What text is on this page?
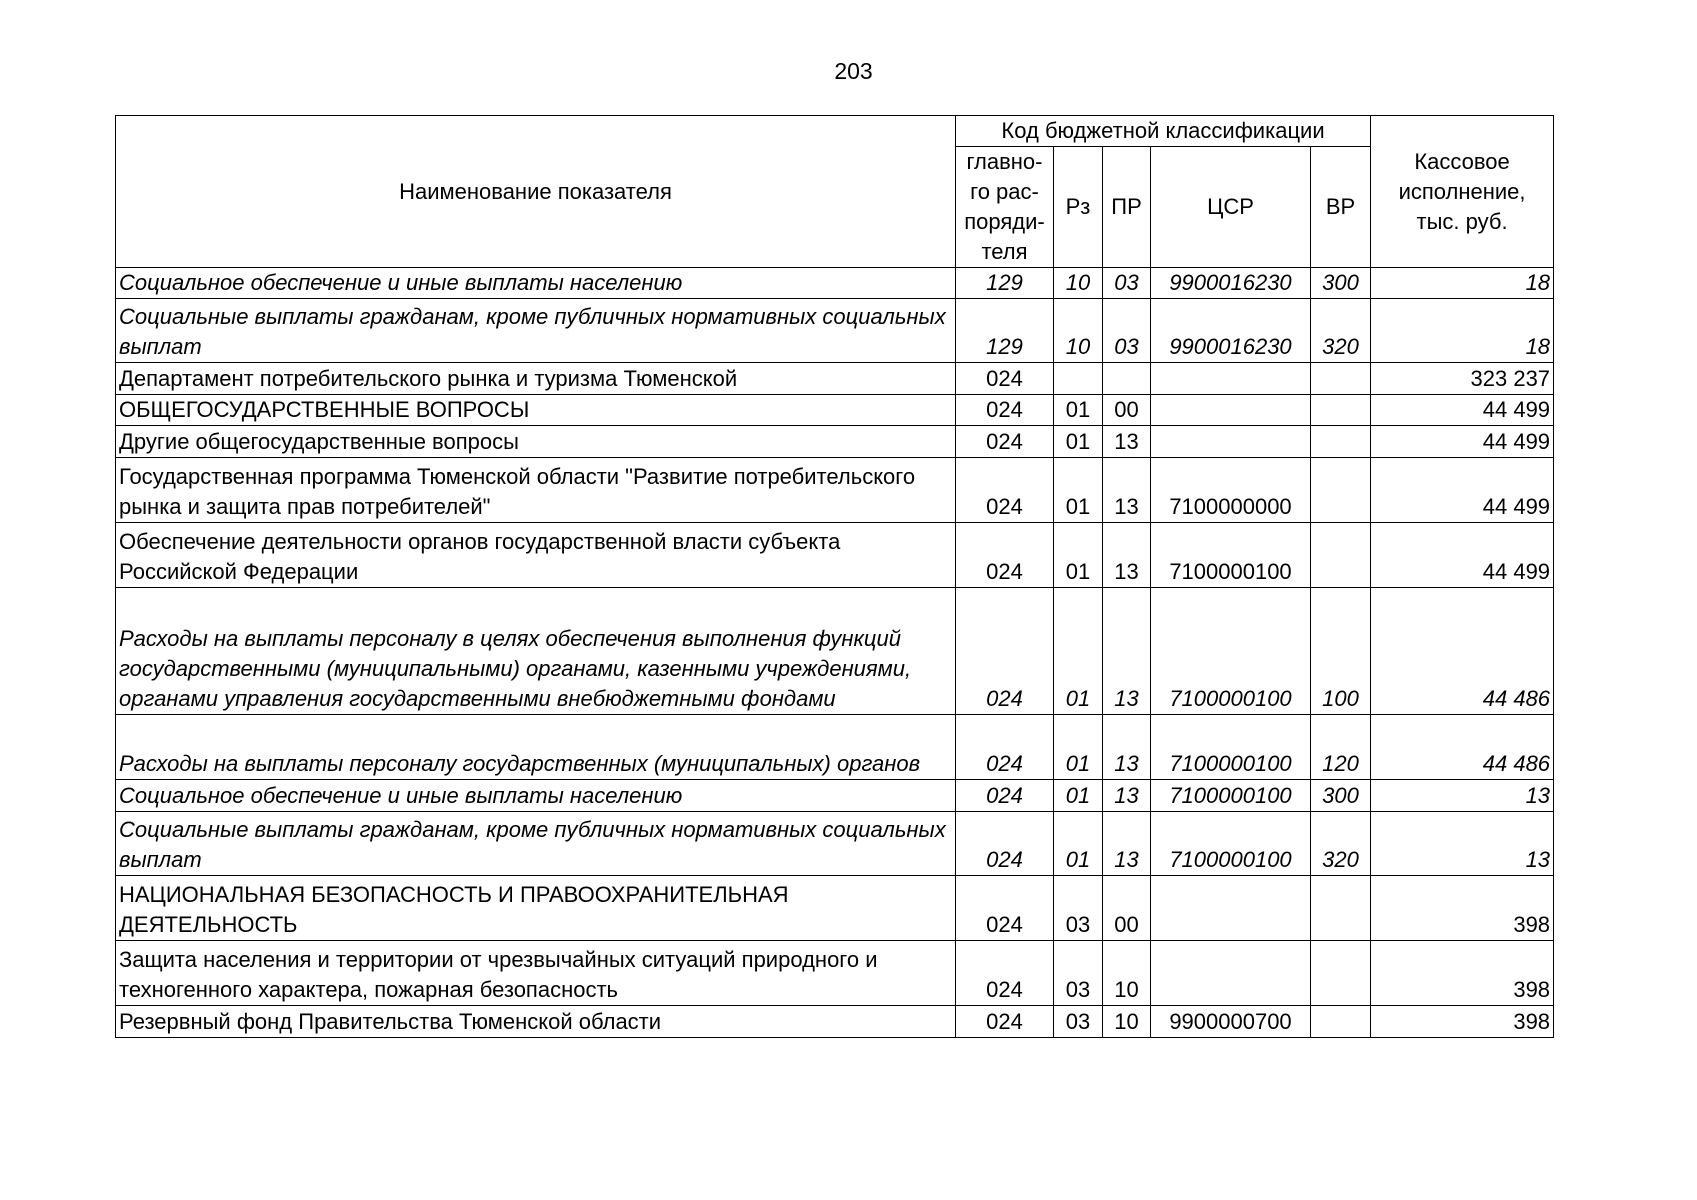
203
Наименование показателя	Код бюджетной классификации					Кассовое исполнение, тыс. руб.
	главно-го рас-поряди-теля	Рз	ПР	ЦСР	ВР	
Социальное обеспечение и иные выплаты населению	129	10	03	9900016230	300	18
Социальные выплаты гражданам, кроме публичных нормативных социальных выплат	129	10	03	9900016230	320	18
Департамент потребительского рынка и туризма Тюменской	024					323 237
ОБЩЕГОСУДАРСТВЕННЫЕ ВОПРОСЫ	024	01	00			44 499
Другие общегосударственные вопросы	024	01	13			44 499
Государственная программа Тюменской области "Развитие потребительского рынка и защита прав потребителей"	024	01	13	7100000000		44 499
Обеспечение деятельности органов государственной власти субъекта Российской Федерации	024	01	13	7100000100		44 499
Расходы на выплаты персоналу в целях обеспечения выполнения функций государственными (муниципальными) органами, казенными учреждениями, органами управления государственными внебюджетными фондами	024	01	13	7100000100	100	44 486
Расходы на выплаты персоналу государственных (муниципальных) органов	024	01	13	7100000100	120	44 486
Социальное обеспечение и иные выплаты населению	024	01	13	7100000100	300	13
Социальные выплаты гражданам, кроме публичных нормативных социальных выплат	024	01	13	7100000100	320	13
НАЦИОНАЛЬНАЯ БЕЗОПАСНОСТЬ И ПРАВООХРАНИТЕЛЬНАЯ ДЕЯТЕЛЬНОСТЬ	024	03	00			398
Защита населения и территории от чрезвычайных ситуаций природного и техногенного характера, пожарная безопасность	024	03	10			398
Резервный фонд Правительства Тюменской области	024	03	10	9900000700		398
